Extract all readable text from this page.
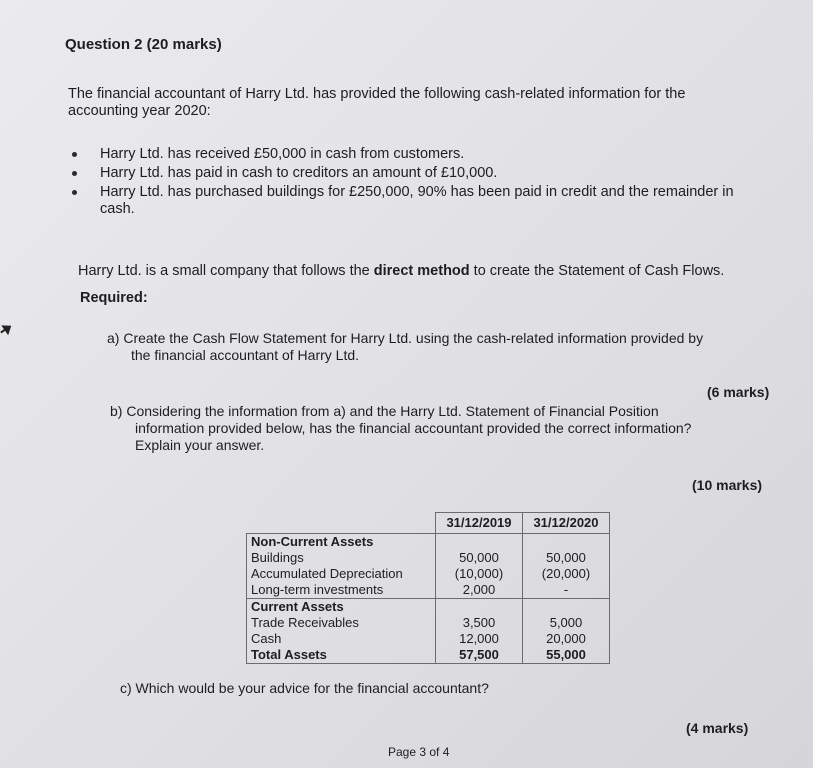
Question 2 (20 marks)
The financial accountant of Harry Ltd. has provided the following cash-related information for the
accounting year 2020:
Harry Ltd. has received £50,000 in cash from customers.
Harry Ltd. has paid in cash to creditors an amount of £10,000.
Harry Ltd. has purchased buildings for £250,000, 90% has been paid in credit and the remainder in
cash.
Harry Ltd. is a small company that follows the direct method to create the Statement of Cash Flows.
Required:
a) Create the Cash Flow Statement for Harry Ltd. using the cash-related information provided by
the financial accountant of Harry Ltd.
(6 marks)
b) Considering the information from a) and the Harry Ltd. Statement of Financial Position
information provided below, has the financial accountant provided the correct information?
Explain your answer.
(10 marks)
	31/12/2019	31/12/2020
Non-Current Assets		
Buildings	50,000	50,000
Accumulated Depreciation	(10,000)	(20,000)
Long-term investments	2,000	-
Current Assets		
Trade Receivables	3,500	5,000
Cash	12,000	20,000
Total Assets	57,500	55,000
c) Which would be your advice for the financial accountant?
(4 marks)
Page 3 of 4
